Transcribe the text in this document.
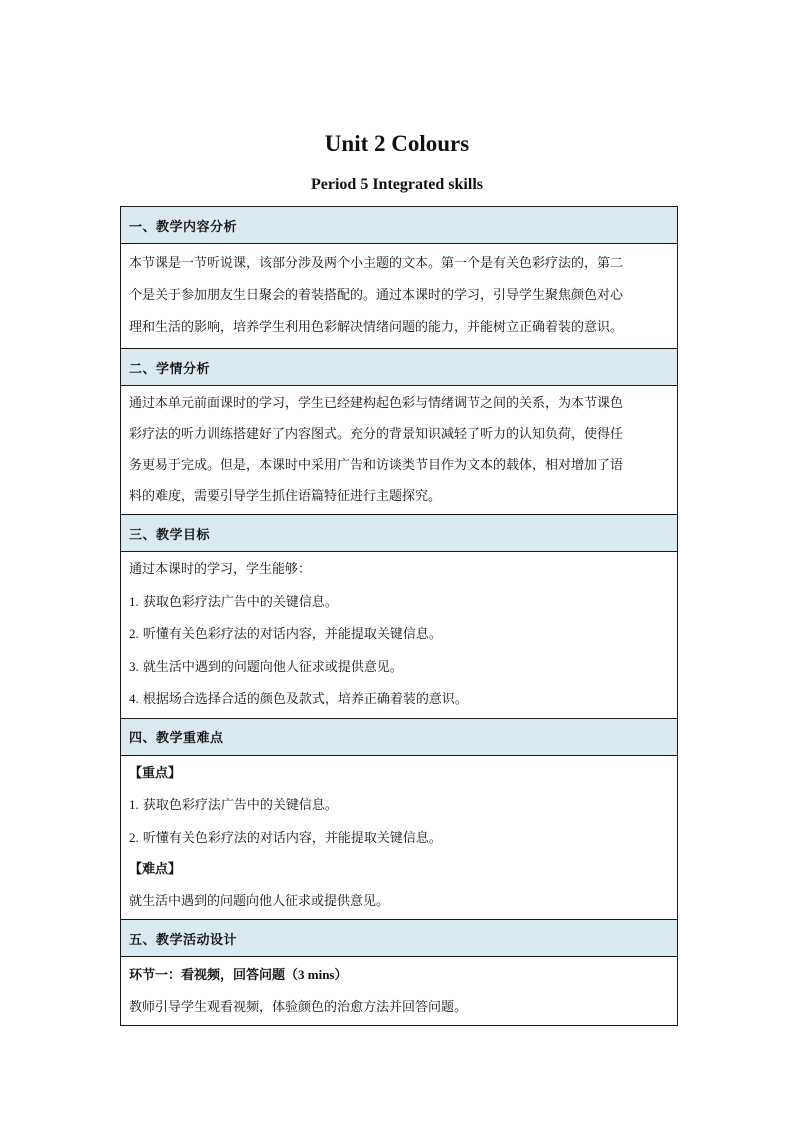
Unit 2 Colours
Period 5 Integrated skills
一、教学内容分析

本节课是一节听说课，该部分涉及两个小主题的文本。第一个是有关色彩疗法的，第二
个是关于参加朋友生日聚会的着装搭配的。通过本课时的学习，引导学生聚焦颜色对心
理和生活的影响，培养学生利用色彩解决情绪问题的能力，并能树立正确着装的意识。

二、学情分析

通过本单元前面课时的学习，学生已经建构起色彩与情绪调节之间的关系，为本节课色
彩疗法的听力训练搭建好了内容图式。充分的背景知识减轻了听力的认知负荷，使得任
务更易于完成。但是，本课时中采用广告和访谈类节目作为文本的载体，相对增加了语
料的难度，需要引导学生抓住语篇特征进行主题探究。

三、教学目标

通过本课时的学习，学生能够：
1. 获取色彩疗法广告中的关键信息。
2. 听懂有关色彩疗法的对话内容，并能提取关键信息。
3. 就生活中遇到的问题向他人征求或提供意见。
4. 根据场合选择合适的颜色及款式，培养正确着装的意识。

四、教学重难点

【重点】
1. 获取色彩疗法广告中的关键信息。
2. 听懂有关色彩疗法的对话内容，并能提取关键信息。
【难点】
就生活中遇到的问题向他人征求或提供意见。

五、教学活动设计

环节一：看视频，回答问题（3 mins）
教师引导学生观看视频，体验颜色的治愈方法并回答问题。
